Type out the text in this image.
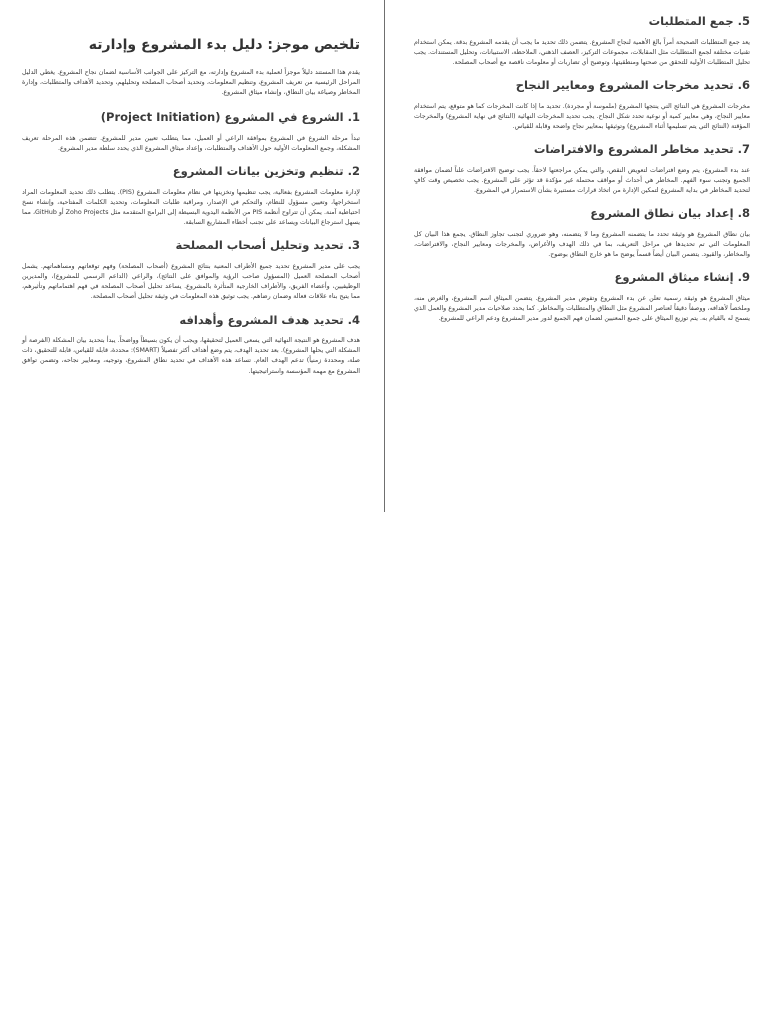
تلخيص موجز: دليل بدء المشروع وإدارته

يقدم هذا المستند دليلاً موجزاً لعملية بدء المشروع وإدارته، مع التركيز على الجوانب الأساسية لضمان نجاح المشروع. يغطي الدليل المراحل الرئيسية من تعريف المشروع، وتنظيم المعلومات، وتحديد أصحاب المصلحة وتحليلهم، وتحديد الأهداف والمتطلبات، وإدارة المخاطر وصياغة بيان النطاق، وإنشاء ميثاق المشروع.

1. الشروع في المشروع (Project Initiation)

تبدأ مرحلة الشروع في المشروع بموافقة الراعي أو العميل، مما يتطلب تعيين مدير للمشروع. تتضمن هذه المرحلة تعريف المشكلة، وجمع المعلومات الأولية حول الأهداف والمتطلبات، وإعداد ميثاق المشروع الذي يحدد سلطة مدير المشروع.

2. تنظيم وتخزين بيانات المشروع

لإدارة معلومات المشروع بفعالية، يجب تنظيمها وتخزينها في نظام معلومات المشروع (PIS). يتطلب ذلك تحديد المعلومات المراد استخراجها، وتعيين مسؤول للنظام، والتحكم في الإصدار، ومراقبة طلبات المعلومات، وتحديد الكلمات المفتاحية، وإنشاء نسخ احتياطية آمنة. يمكن أن تتراوح أنظمة PIS من الأنظمة اليدوية البسيطة إلى البرامج المتقدمة مثل Zoho Projects أو GitHub، مما يسهل استرجاع البيانات ويساعد على تجنب أخطاء المشاريع السابقة.

3. تحديد وتحليل أصحاب المصلحة

يجب على مدير المشروع تحديد جميع الأطراف المعنية بنتائج المشروع (أصحاب المصلحة) وفهم توقعاتهم ومساهماتهم. يشمل أصحاب المصلحة العميل (المسؤول صاحب الرؤية والموافق على النتائج)، والراعي (الداعم الرسمي للمشروع)، والمديرين الوظيفيين، وأعضاء الفريق، والأطراف الخارجية المتأثرة بالمشروع. يساعد تحليل أصحاب المصلحة في فهم اهتماماتهم وتأثيرهم، مما يتيح بناء علاقات فعالة وضمان رضاهم. يجب توثيق هذه المعلومات في وثيقة تحليل أصحاب المصلحة.

4. تحديد هدف المشروع وأهدافه

هدف المشروع هو النتيجة النهائية التي يسعى العميل لتحقيقها، ويجب أن يكون بسيطاً وواضحاً. يبدأ بتحديد بيان المشكلة (الفرصة أو المشكلة التي يحلها المشروع). بعد تحديد الهدف، يتم وضع أهداف أكثر تفصيلاً (SMART): محددة، قابلة للقياس، قابلة للتحقيق، ذات صلة، ومحددة زمنياً) تدعم الهدف العام. تساعد هذه الأهداف في تحديد نطاق المشروع، وتوجيه، ومعايير نجاحه، وتضمن توافق المشروع مع مهمة المؤسسة واستراتيجيتها.

5. جمع المتطلبات

يعد جمع المتطلبات الصحيحة أمراً بالغ الأهمية لنجاح المشروع. يتضمن ذلك تحديد ما يجب أن يقدمه المشروع بدقة. يمكن استخدام تقنيات مختلفة لجمع المتطلبات مثل المقابلات، مجموعات التركيز، العصف الذهني، الملاحظة، الاستبيانات، وتحليل المستندات. يجب تحليل المتطلبات الأولية للتحقق من صحتها ومنطقيتها، وتوضيح أي تضاربات أو معلومات ناقصة مع أصحاب المصلحة.

6. تحديد مخرجات المشروع ومعايير النجاح

مخرجات المشروع هي النتائج التي ينتجها المشروع (ملموسة أو مجردة). تحديد ما إذا كانت المخرجات كما هو متوقع، يتم استخدام معايير النجاح، وهي معايير كمية أو نوعية تحدد شكل النجاح. يجب تحديد المخرجات النهائية (النتائج في نهاية المشروع) والمخرجات المؤقتة (النتائج التي يتم تسليمها أثناء المشروع) وتوثيقها بمعايير نجاح واضحة وقابلة للقياس.

7. تحديد مخاطر المشروع والافتراضات

عند بدء المشروع، يتم وضع افتراضات لتعويض النقص، والتي يمكن مراجعتها لاحقاً. يجب توضيح الافتراضات علناً لضمان موافقة الجميع وتجنب سوء الفهم. المخاطر هي أحداث أو مواقف محتملة غير مؤكدة قد تؤثر على المشروع. يجب تخصيص وقت كافٍ لتحديد المخاطر في بداية المشروع لتمكين الإدارة من اتخاذ قرارات مستنيرة بشأن الاستمرار في المشروع.

8. إعداد بيان نطاق المشروع

بيان نطاق المشروع هو وثيقة تحدد ما يتضمنه المشروع وما لا يتضمنه، وهو ضروري لتجنب تجاوز النطاق. يجمع هذا البيان كل المعلومات التي تم تحديدها في مراحل التعريف، بما في ذلك الهدف والأغراض، والمخرجات ومعايير النجاح، والافتراضات، والمخاطر، والقيود. يتضمن البيان أيضاً قسماً يوضح ما هو خارج النطاق بوضوح.

9. إنشاء ميثاق المشروع

ميثاق المشروع هو وثيقة رسمية تعلن عن بدء المشروع وتفوض مدير المشروع. يتضمن الميثاق اسم المشروع، والغرض منه، وملخصاً لأهدافه، ووصفاً دقيقاً لعناصر المشروع مثل النطاق والمتطلبات والمخاطر. كما يحدد صلاحيات مدير المشروع والعمل الذي يسمح له بالقيام به. يتم توزيع الميثاق على جميع المعنيين لضمان فهم الجميع لدور مدير المشروع ودعم الراعي للمشروع.
